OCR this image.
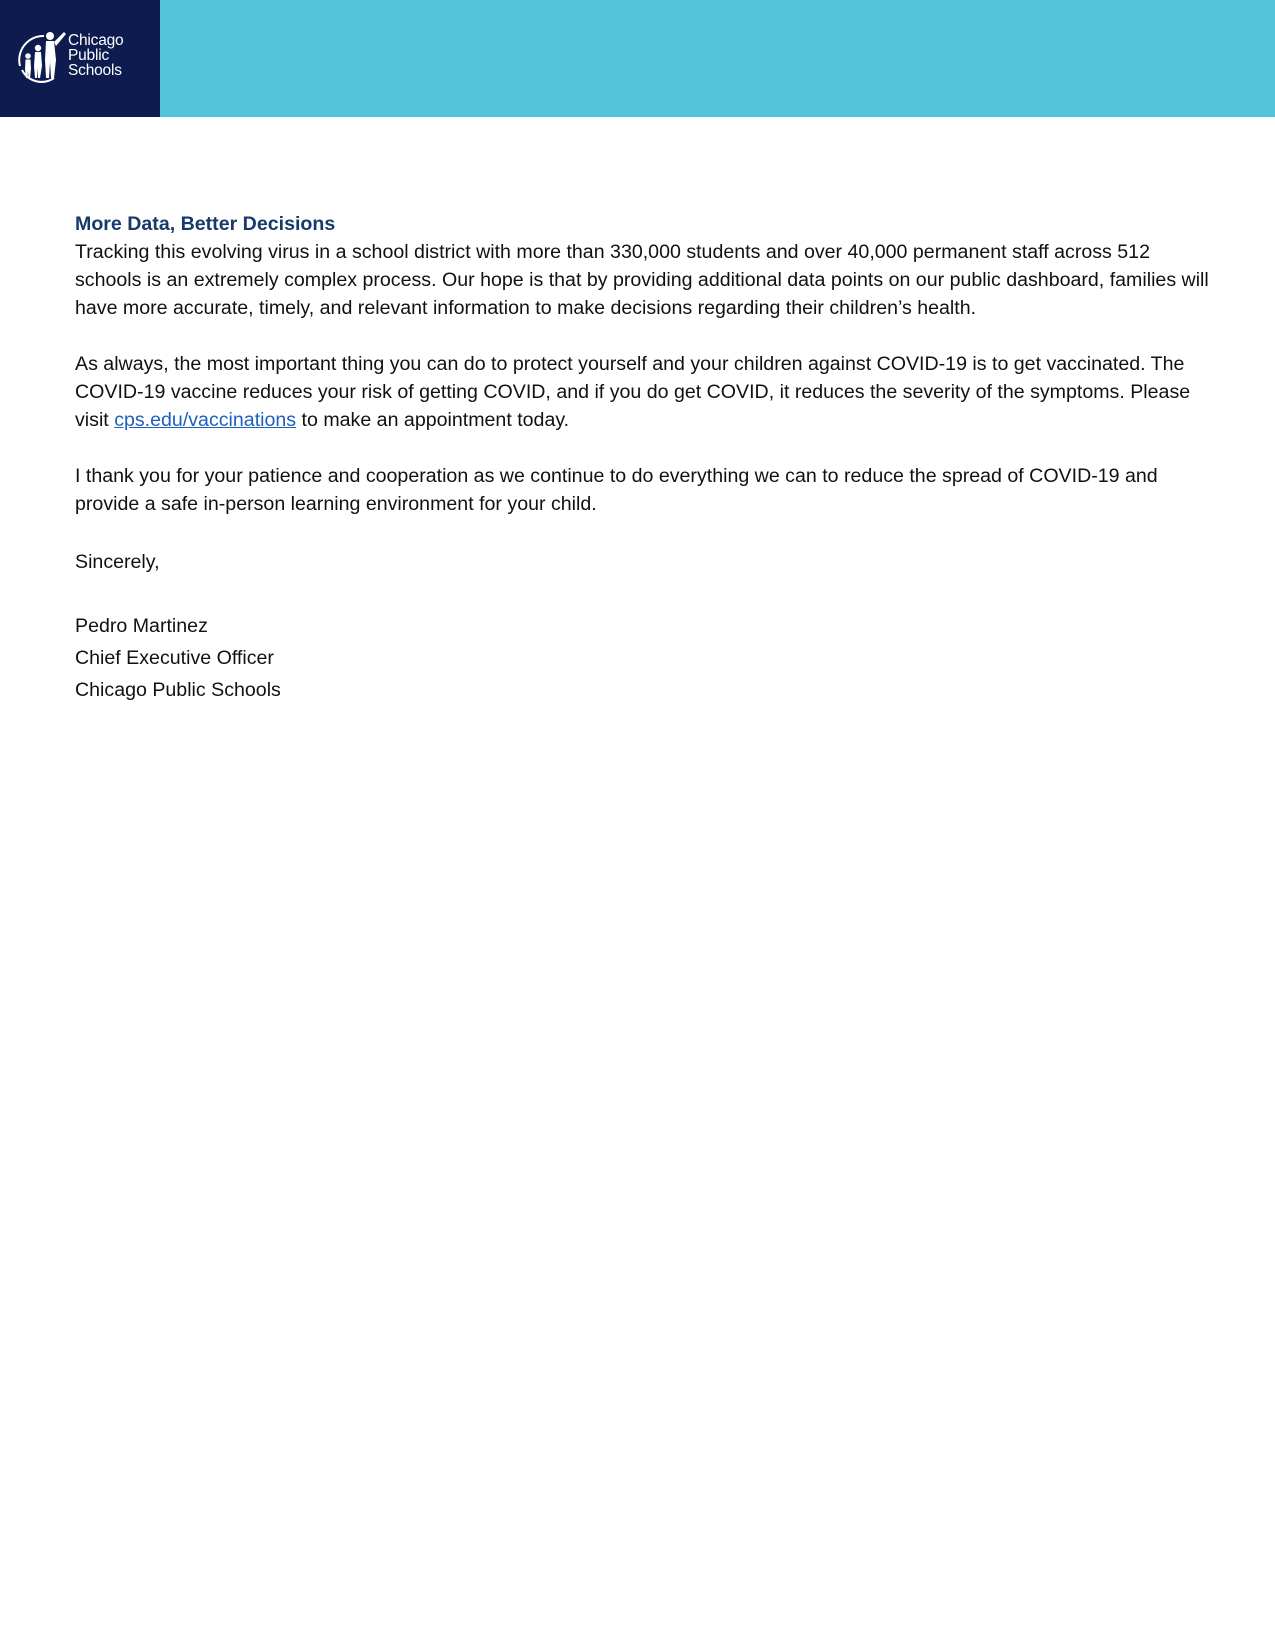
Chicago
Public
Schools

More Data, Better Decisions

Tracking this evolving virus in a school district with more than 330,000 students and over 40,000 permanent staff across 512 schools is an extremely complex process. Our hope is that by providing additional data points on our public dashboard, families will have more accurate, timely, and relevant information to make decisions regarding their children’s health.

As always, the most important thing you can do to protect yourself and your children against COVID-19 is to get vaccinated. The COVID-19 vaccine reduces your risk of getting COVID, and if you do get COVID, it reduces the severity of the symptoms. Please visit cps.edu/vaccinations to make an appointment today.

I thank you for your patience and cooperation as we continue to do everything we can to reduce the spread of COVID-19 and provide a safe in-person learning environment for your child.

Sincerely,

Pedro Martinez
Chief Executive Officer
Chicago Public Schools
